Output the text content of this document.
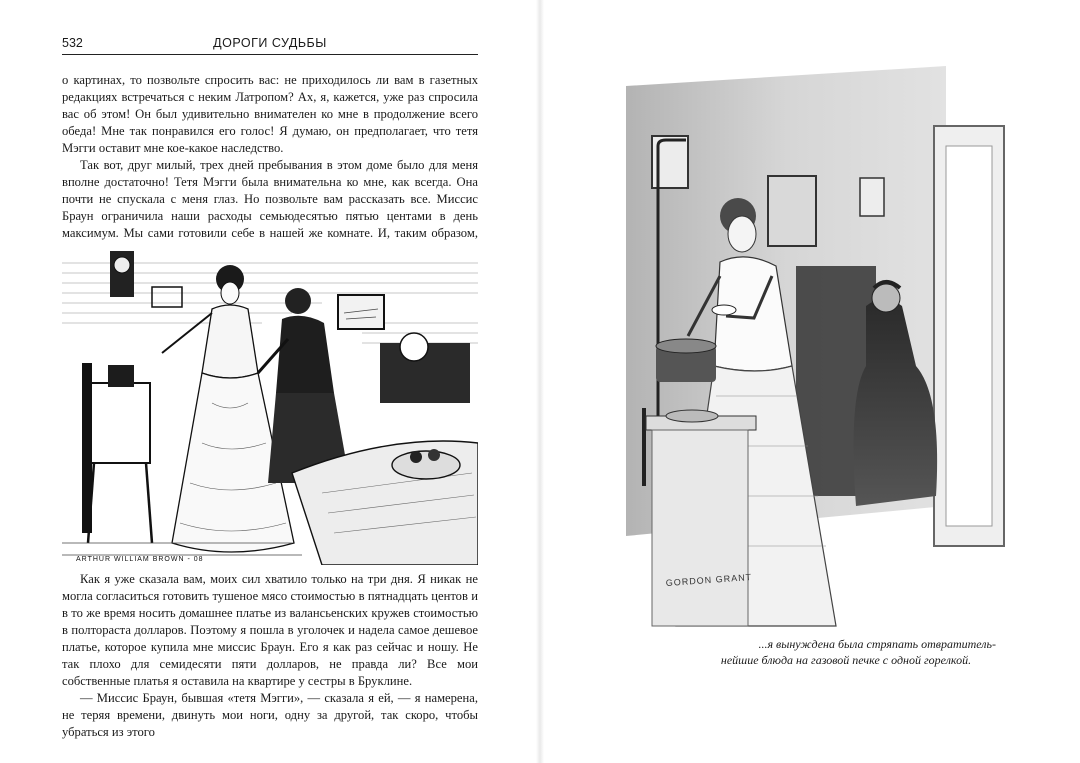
532	ДОРОГИ СУДЬБЫ

о картинах, то позвольте спросить вас: не приходилось ли вам в газетных редакциях встречаться с неким Латропом? Ах, я, кажется, уже раз спросила вас об этом! Он был удивительно внимателен ко мне в продолжение всего обеда! Мне так понравился его голос! Я думаю, он предполагает, что тетя Мэгги оставит мне кое-какое наследство.

Так вот, друг милый, трех дней пребывания в этом доме было для меня вполне достаточно! Тетя Мэгги была внимательна ко мне, как всегда. Она почти не спускала с меня глаз. Но позвольте вам рассказать все. Миссис Браун ограничила наши расходы семьюдесятью пятью центами в день максимум. Мы сами готовили себе в нашей же комнате. И, таким образом,

ARTHUR WILLIAM BROWN - 08

Как я уже сказала вам, моих сил хватило только на три дня. Я никак не могла согласиться готовить тушеное мясо стоимостью в пятнадцать центов и в то же время носить домашнее платье из валансьенских кружев стоимостью в полтораста долларов. Поэтому я пошла в уголочек и надела самое дешевое платье, которое купила мне миссис Браун. Его я как раз сейчас и ношу. Не так плохо для семидесяти пяти долларов, не правда ли? Все мои собственные платья я оставила на квартире у сестры в Бруклине.

— Миссис Браун, бывшая «тетя Мэгги», — сказала я ей, — я намерена, не теряя времени, двинуть мои ноги, одну за другой, так скоро, чтобы убраться из этого

GORDON GRANT
...я вынуждена была стряпать отвратитель-
нейшие блюда на газовой печке с одной горелкой.
